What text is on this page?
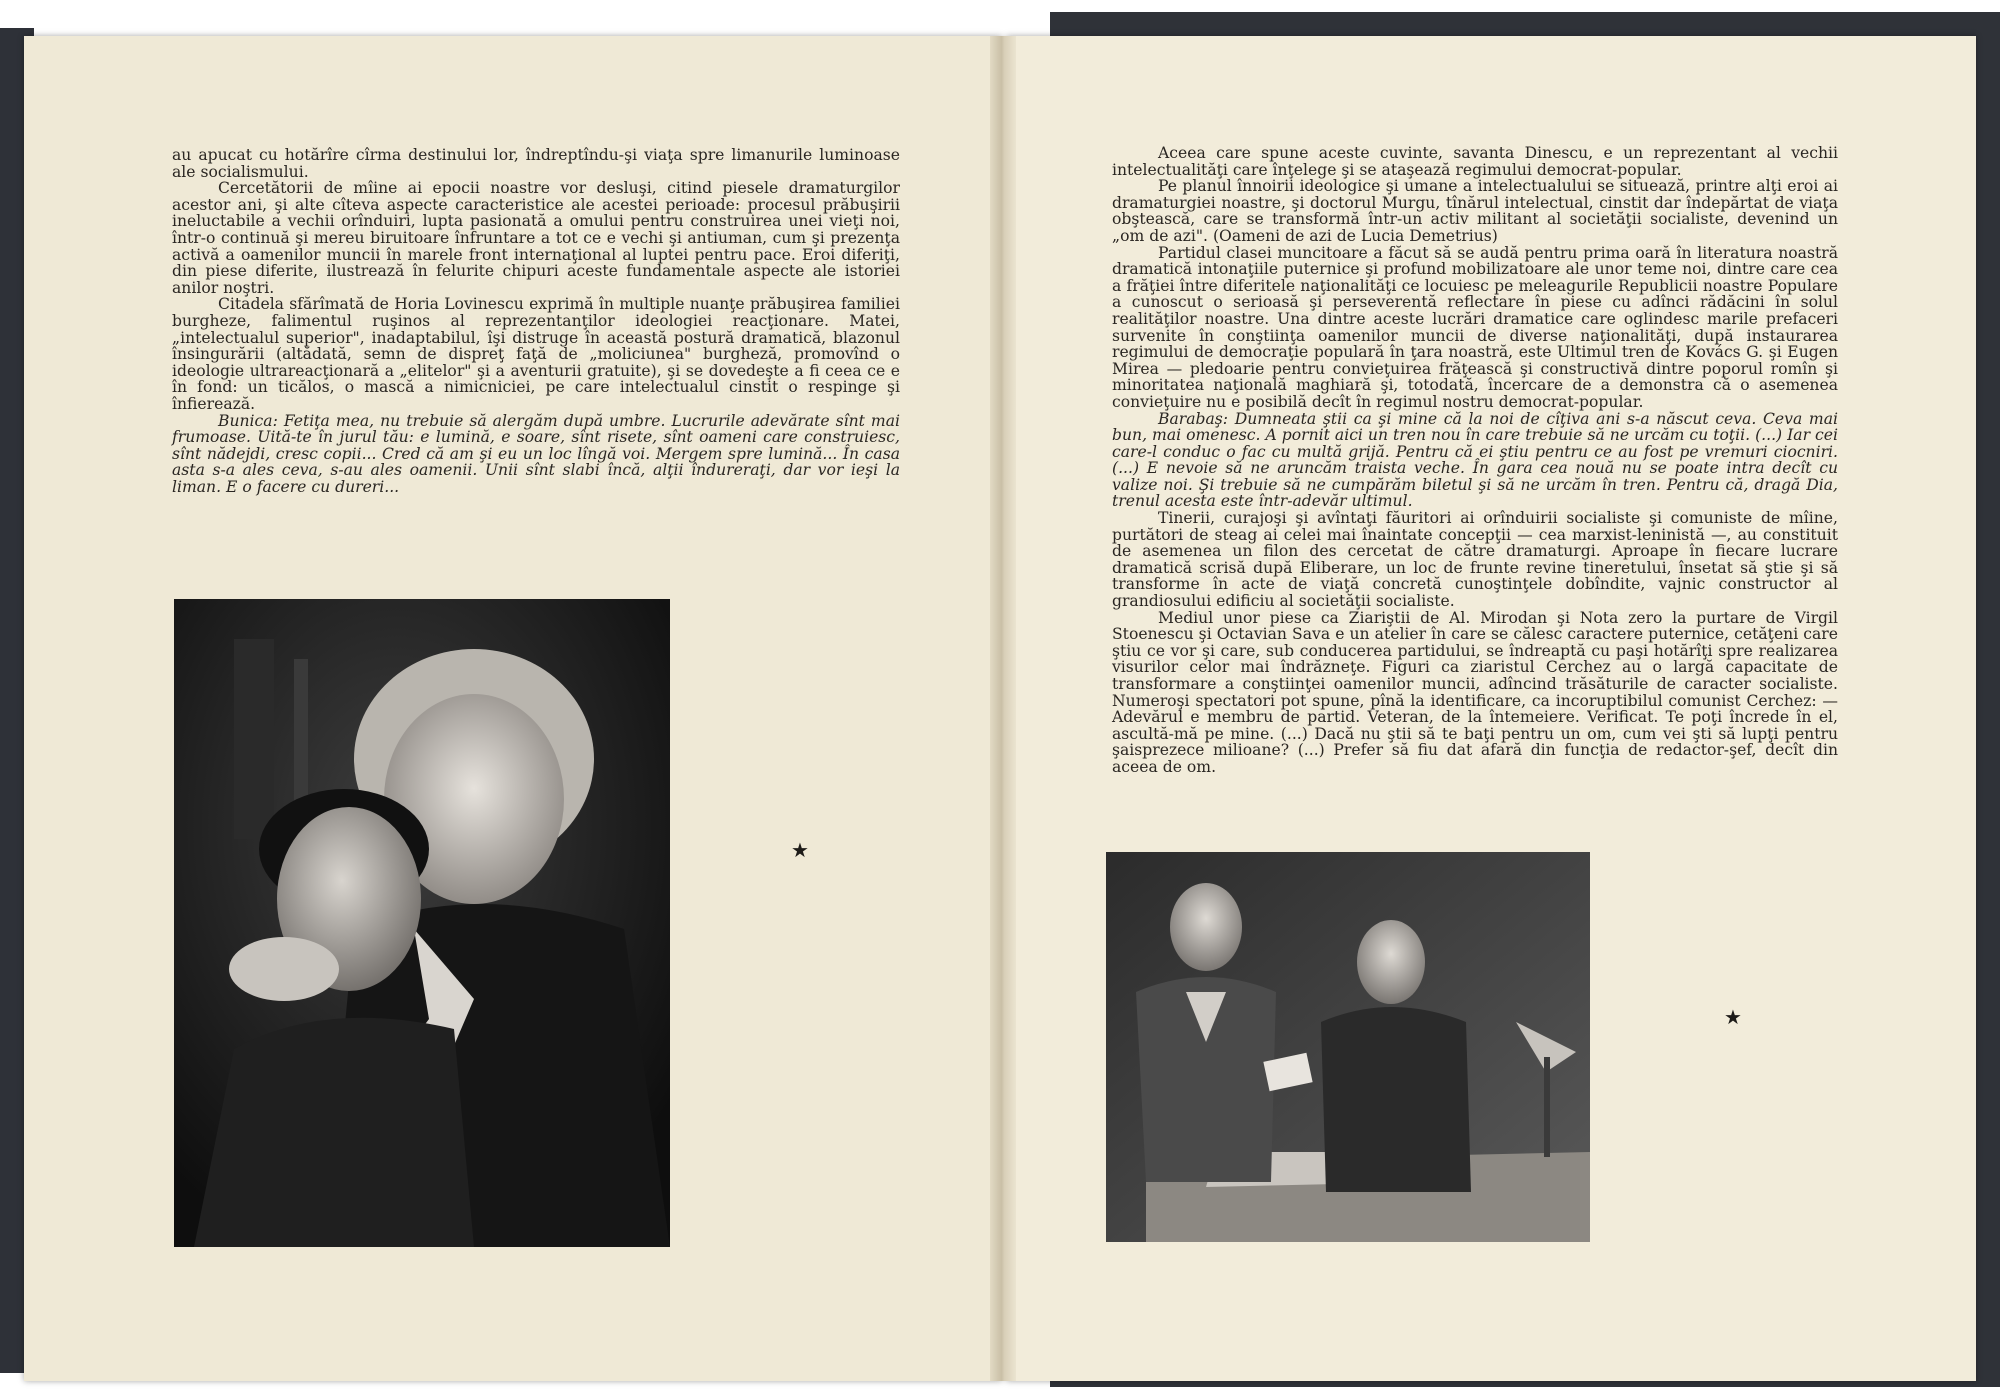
au apucat cu hotărîre cîrma destinului lor, îndreptîndu-şi viaţa spre limanurile luminoase ale socialismului.

Cercetătorii de mîine ai epocii noastre vor desluşi, citind piesele dramaturgilor acestor ani, şi alte cîteva aspecte caracteristice ale acestei perioade: procesul prăbuşirii ineluctabile a vechii orînduiri, lupta pasionată a omului pentru construirea unei vieţi noi, într-o continuă şi mereu biruitoare înfruntare a tot ce e vechi şi antiuman, cum şi prezenţa activă a oamenilor muncii în marele front internaţional al luptei pentru pace. Eroi diferiţi, din piese diferite, ilustrează în felurite chipuri aceste fundamentale aspecte ale istoriei anilor noştri.

Citadela sfărîmată de Horia Lovinescu exprimă în multiple nuanţe prăbuşirea familiei burgheze, falimentul ruşinos al reprezentanţilor ideologiei reacţionare. Matei, „intelectualul superior", inadaptabilul, îşi distruge în această postură dramatică, blazonul însingurării (altădată, semn de dispreţ faţă de „moliciunea" burgheză, promovînd o ideologie ultrareacţionară a „elitelor" şi a aventurii gratuite), şi se dovedeşte a fi ceea ce e în fond: un ticălos, o mască a nimicniciei, pe care intelectualul cinstit o respinge şi înfierează.

Bunica: Fetiţa mea, nu trebuie să alergăm după umbre. Lucrurile adevărate sînt mai frumoase. Uită-te în jurul tău: e lumină, e soare, sînt risete, sînt oameni care construiesc, sînt nădejdi, cresc copii... Cred că am şi eu un loc lîngă voi. Mergem spre lumină... În casa asta s-a ales ceva, s-au ales oamenii. Unii sînt slabi încă, alţii îndureraţi, dar vor ieşi la liman. E o facere cu dureri...

★

Aceea care spune aceste cuvinte, savanta Dinescu, e un reprezentant al vechii intelectualităţi care înţelege şi se ataşează regimului democrat-popular.

Pe planul înnoirii ideologice şi umane a intelectualului se situează, printre alţi eroi ai dramaturgiei noastre, şi doctorul Murgu, tînărul intelectual, cinstit dar îndepărtat de viaţa obştească, care se transformă într-un activ militant al societăţii socialiste, devenind un „om de azi". (Oameni de azi de Lucia Demetrius)

Partidul clasei muncitoare a făcut să se audă pentru prima oară în literatura noastră dramatică intonaţiile puternice şi profund mobilizatoare ale unor teme noi, dintre care cea a frăţiei între diferitele naţionalităţi ce locuiesc pe meleagurile Republicii noastre Populare a cunoscut o serioasă şi perseverentă reflectare în piese cu adînci rădăcini în solul realităţilor noastre. Una dintre aceste lucrări dramatice care oglindesc marile prefaceri survenite în conştiinţa oamenilor muncii de diverse naţionalităţi, după instaurarea regimului de democraţie populară în ţara noastră, este Ultimul tren de Kovács G. şi Eugen Mirea — pledoarie pentru convieţuirea frăţească şi constructivă dintre poporul romîn şi minoritatea naţională maghiară şi, totodată, încercare de a demonstra că o asemenea convieţuire nu e posibilă decît în regimul nostru democrat-popular.

Barabaş: Dumneata ştii ca şi mine că la noi de cîţiva ani s-a născut ceva. Ceva mai bun, mai omenesc. A pornit aici un tren nou în care trebuie să ne urcăm cu toţii. (...) Iar cei care-l conduc o fac cu multă grijă. Pentru că ei ştiu pentru ce au fost pe vremuri ciocniri. (...) E nevoie să ne aruncăm traista veche. În gara cea nouă nu se poate intra decît cu valize noi. Şi trebuie să ne cumpărăm biletul şi să ne urcăm în tren. Pentru că, dragă Dia, trenul acesta este într-adevăr ultimul.

Tinerii, curajoşi şi avîntaţi făuritori ai orînduirii socialiste şi comuniste de mîine, purtători de steag ai celei mai înaintate concepţii — cea marxist-leninistă —, au constituit de asemenea un filon des cercetat de către dramaturgi. Aproape în fiecare lucrare dramatică scrisă după Eliberare, un loc de frunte revine tineretului, însetat să ştie şi să transforme în acte de viaţă concretă cunoştinţele dobîndite, vajnic constructor al grandiosului edificiu al societăţii socialiste.

Mediul unor piese ca Ziariştii de Al. Mirodan şi Nota zero la purtare de Virgil Stoenescu şi Octavian Sava e un atelier în care se călesc caractere puternice, cetăţeni care ştiu ce vor şi care, sub conducerea partidului, se îndreaptă cu paşi hotărîţi spre realizarea visurilor celor mai îndrăzneţe. Figuri ca ziaristul Cerchez au o largă capacitate de transformare a conştiinţei oamenilor muncii, adîncind trăsăturile de caracter socialiste. Numeroşi spectatori pot spune, pînă la identificare, ca incoruptibilul comunist Cerchez: — Adevărul e membru de partid. Veteran, de la întemeiere. Verificat. Te poţi încrede în el, ascultă-mă pe mine. (...) Dacă nu ştii să te baţi pentru un om, cum vei şti să lupţi pentru şaisprezece milioane? (...) Prefer să fiu dat afară din funcţia de redactor-şef, decît din aceea de om.

★
